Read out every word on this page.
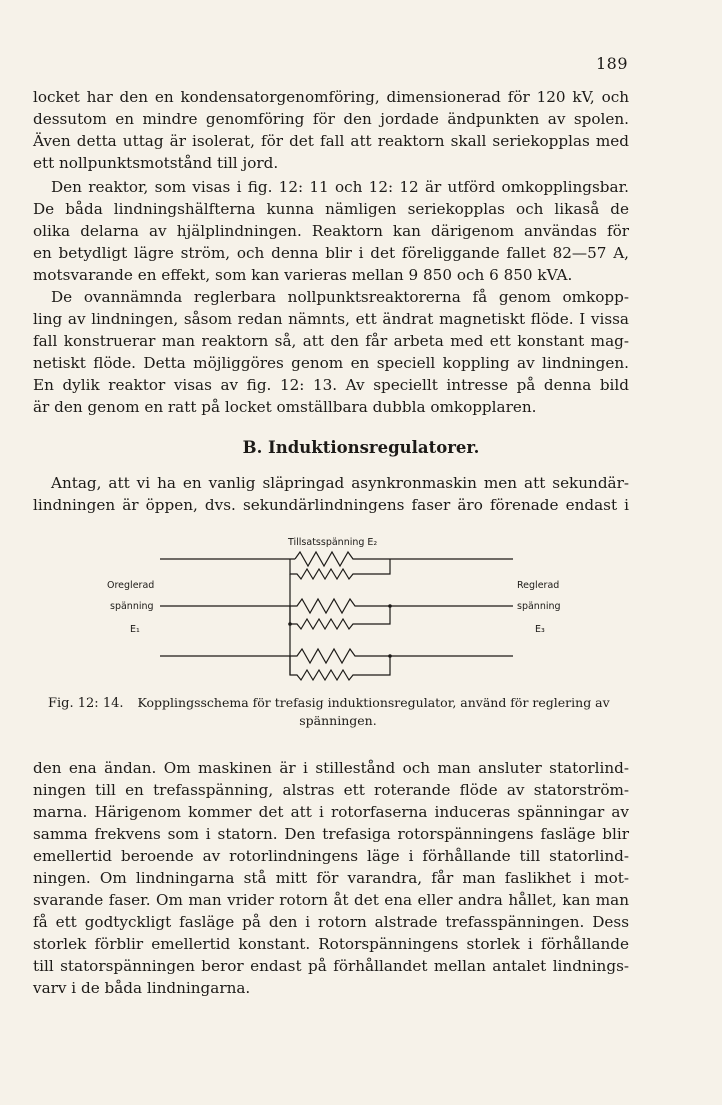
189
locket har den en kondensatorgenomföring, dimensionerad för 120 kV, och
dessutom en mindre genomföring för den jordade ändpunkten av spolen.
Även detta uttag är isolerat, för det fall att reaktorn skall seriekopplas med
ett nollpunktsmotstånd till jord.
Den reaktor, som visas i fig. 12: 11 och 12: 12 är utförd omkopplingsbar.
De båda lindningshälfterna kunna nämligen seriekopplas och likaså de
olika delarna av hjälplindningen. Reaktorn kan därigenom användas för
en betydligt lägre ström, och denna blir i det föreliggande fallet 82—57 A,
motsvarande en effekt, som kan varieras mellan 9 850 och 6 850 kVA.
De ovannämnda reglerbara nollpunktsreaktorerna få genom omkopp-
ling av lindningen, såsom redan nämnts, ett ändrat magnetiskt flöde. I vissa
fall konstruerar man reaktorn så, att den får arbeta med ett konstant mag-
netiskt flöde. Detta möjliggöres genom en speciell koppling av lindningen.
En dylik reaktor visas av fig. 12: 13. Av speciellt intresse på denna bild
är den genom en ratt på locket omställbara dubbla omkopplaren.
B. Induktionsregulatorer.
Antag, att vi ha en vanlig släpringad asynkronmaskin men att sekundär-
lindningen är öppen, dvs. sekundärlindningens faser äro förenade endast i
Tillsatsspänning E₂
Oreglerad
spänning
E₁
Reglerad
spänning
E₃
Fig. 12: 14. Kopplingsschema för trefasig induktionsregulator, använd för reglering av
spänningen.
den ena ändan. Om maskinen är i stillestånd och man ansluter statorlind-
ningen till en trefasspänning, alstras ett roterande flöde av statorström-
marna. Härigenom kommer det att i rotorfaserna induceras spänningar av
samma frekvens som i statorn. Den trefasiga rotorspänningens fasläge blir
emellertid beroende av rotorlindningens läge i förhållande till statorlind-
ningen. Om lindningarna stå mitt för varandra, får man faslikhet i mot-
svarande faser. Om man vrider rotorn åt det ena eller andra hållet, kan man
få ett godtyckligt fasläge på den i rotorn alstrade trefasspänningen. Dess
storlek förblir emellertid konstant. Rotorspänningens storlek i förhållande
till statorspänningen beror endast på förhållandet mellan antalet lindnings-
varv i de båda lindningarna.
